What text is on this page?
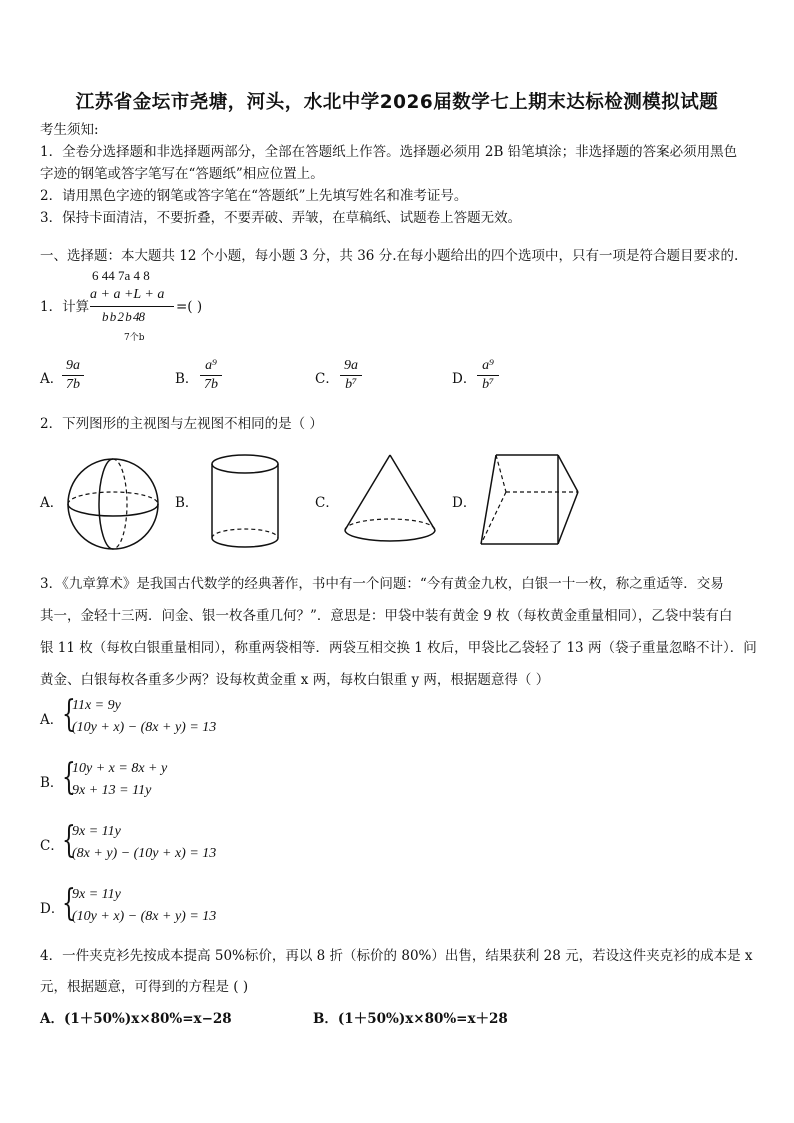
江苏省金坛市尧塘，河头，水北中学2026届数学七上期末达标检测模拟试题
考生须知:
1．全卷分选择题和非选择题两部分，全部在答题纸上作答。选择题必须用 2B 铅笔填涂；非选择题的答案必须用黑色
字迹的钢笔或答字笔写在“答题纸”相应位置上。
2．请用黑色字迹的钢笔或答字笔在“答题纸”上先填写姓名和准考证号。
3．保持卡面清洁，不要折叠，不要弄破、弄皱，在草稿纸、试题卷上答题无效。
一、选择题：本大题共 12 个小题，每小题 3 分，共 36 分.在每小题给出的四个选项中，只有一项是符合题目要求的.
6 44 7a 4 8
1．计算
a + a +L + a
b b 2 b 48
7个b
=( )
A．
9a
7b	B．
a⁹
7b	C．
9a
b⁷	D．
a⁹
b⁷
2．下列图形的主视图与左视图不相同的是（ ）
A．	B．	C．	D．
3．《九章算术》是我国古代数学的经典著作，书中有一个问题：“今有黄金九枚，白银一十一枚，称之重适等．交易
其一，金轻十三两．问金、银一枚各重几何？”．意思是：甲袋中装有黄金 9 枚（每枚黄金重量相同），乙袋中装有白
银 11 枚（每枚白银重量相同），称重两袋相等．两袋互相交换 1 枚后，甲袋比乙袋轻了 13 两（袋子重量忽略不计）．问
黄金、白银每枚各重多少两？设每枚黄金重 x 两，每枚白银重 y 两，根据题意得（ ）
A．
{
11x = 9y
(10y + x) − (8x + y) = 13
B．
{
10y + x = 8x + y
9x + 13 = 11y
C．
{
9x = 11y
(8x + y) − (10y + x) = 13
D．
{
9x = 11y
(10y + x) − (8x + y) = 13
4．一件夹克衫先按成本提高 50%标价，再以 8 折（标价的 80%）出售，结果获利 28 元，若设这件夹克衫的成本是 x
元，根据题意，可得到的方程是 ( )
A．(1＋50%)x×80%=x−28	B．(1＋50%)x×80%=x＋28
